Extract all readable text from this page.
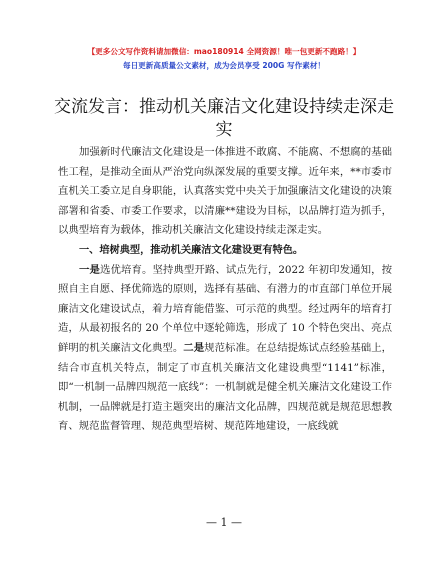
【更多公文写作资料请加微信：mao180914 全网资源！唯一包更新不跑路！】
每日更新高质量公文素材，成为会员享受 200G 写作素材！
交流发言：推动机关廉洁文化建设持续走深走实

加强新时代廉洁文化建设是一体推进不敢腐、不能腐、不想腐的基础性工程，是推动全面从严治党向纵深发展的重要支撑。近年来，**市委市直机关工委立足自身职能，认真落实党中央关于加强廉洁文化建设的决策部署和省委、市委工作要求，以清廉**建设为目标，以品牌打造为抓手，以典型培育为载体，推动机关廉洁文化建设持续走深走实。

一、培树典型，推动机关廉洁文化建设更有特色。

一是选优培育。坚持典型开路、试点先行，2022 年初印发通知，按照自主自愿、择优筛选的原则，选择有基础、有潜力的市直部门单位开展廉洁文化建设试点，着力培育能借鉴、可示范的典型。经过两年的培育打造，从最初报名的 20 个单位中逐轮筛选，形成了 10 个特色突出、亮点鲜明的机关廉洁文化典型。二是规范标准。在总结提炼试点经验基础上，结合市直机关特点，制定了市直机关廉洁文化建设典型“1141”标准，即“一机制一品牌四规范一底线”：一机制就是健全机关廉洁文化建设工作机制，一品牌就是打造主题突出的廉洁文化品牌，四规范就是规范思想教育、规范监督管理、规范典型培树、规范阵地建设，一底线就

— 1 —
